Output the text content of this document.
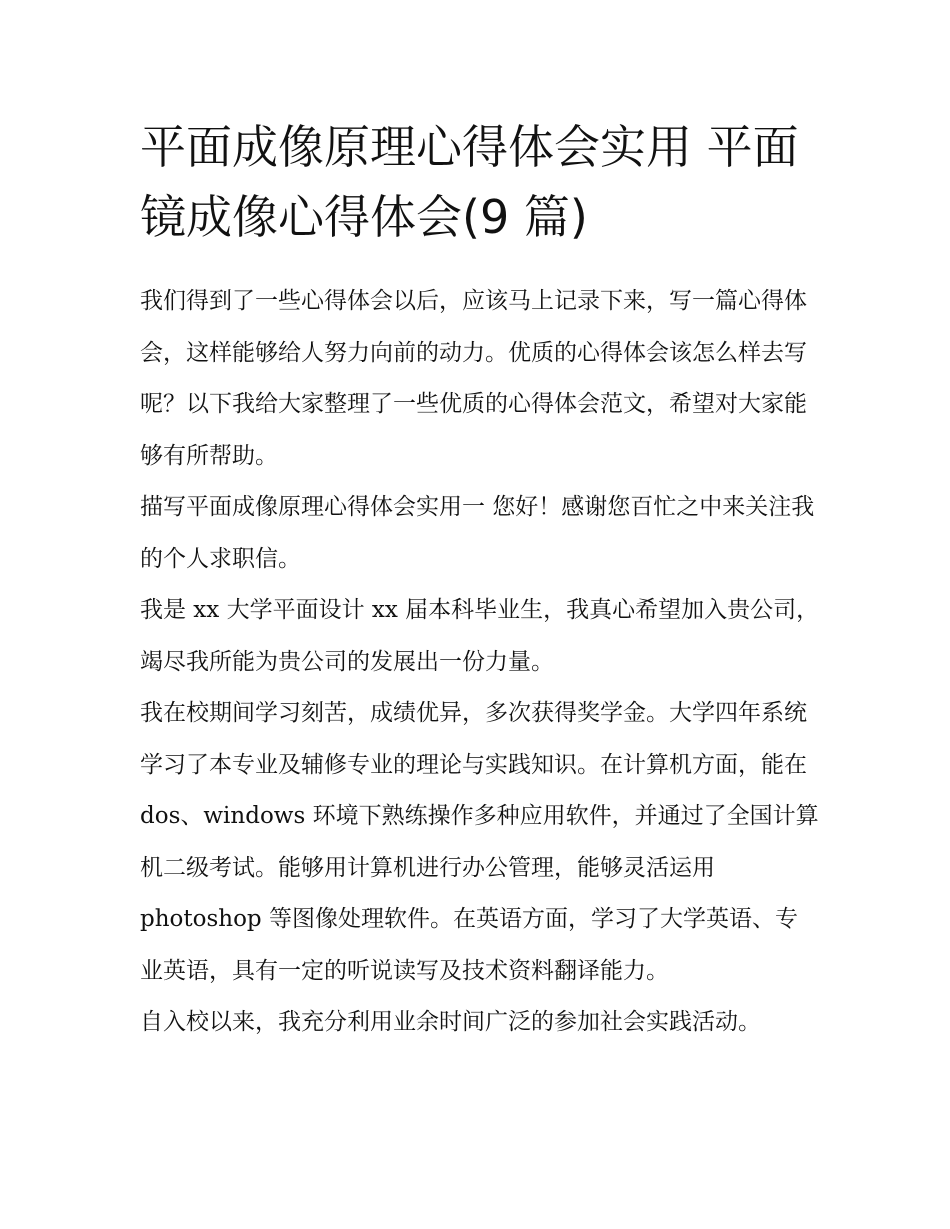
平面成像原理心得体会实用 平面镜成像心得体会(9 篇)

我们得到了一些心得体会以后，应该马上记录下来，写一篇心得体会，这样能够给人努力向前的动力。优质的心得体会该怎么样去写呢？以下我给大家整理了一些优质的心得体会范文，希望对大家能够有所帮助。

描写平面成像原理心得体会实用一 您好！感谢您百忙之中来关注我的个人求职信。

我是 xx 大学平面设计 xx 届本科毕业生，我真心希望加入贵公司，竭尽我所能为贵公司的发展出一份力量。

我在校期间学习刻苦，成绩优异，多次获得奖学金。大学四年系统学习了本专业及辅修专业的理论与实践知识。在计算机方面，能在 dos、windows 环境下熟练操作多种应用软件，并通过了全国计算机二级考试。能够用计算机进行办公管理，能够灵活运用 photoshop 等图像处理软件。在英语方面，学习了大学英语、专业英语，具有一定的听说读写及技术资料翻译能力。

自入校以来，我充分利用业余时间广泛的参加社会实践活动。
